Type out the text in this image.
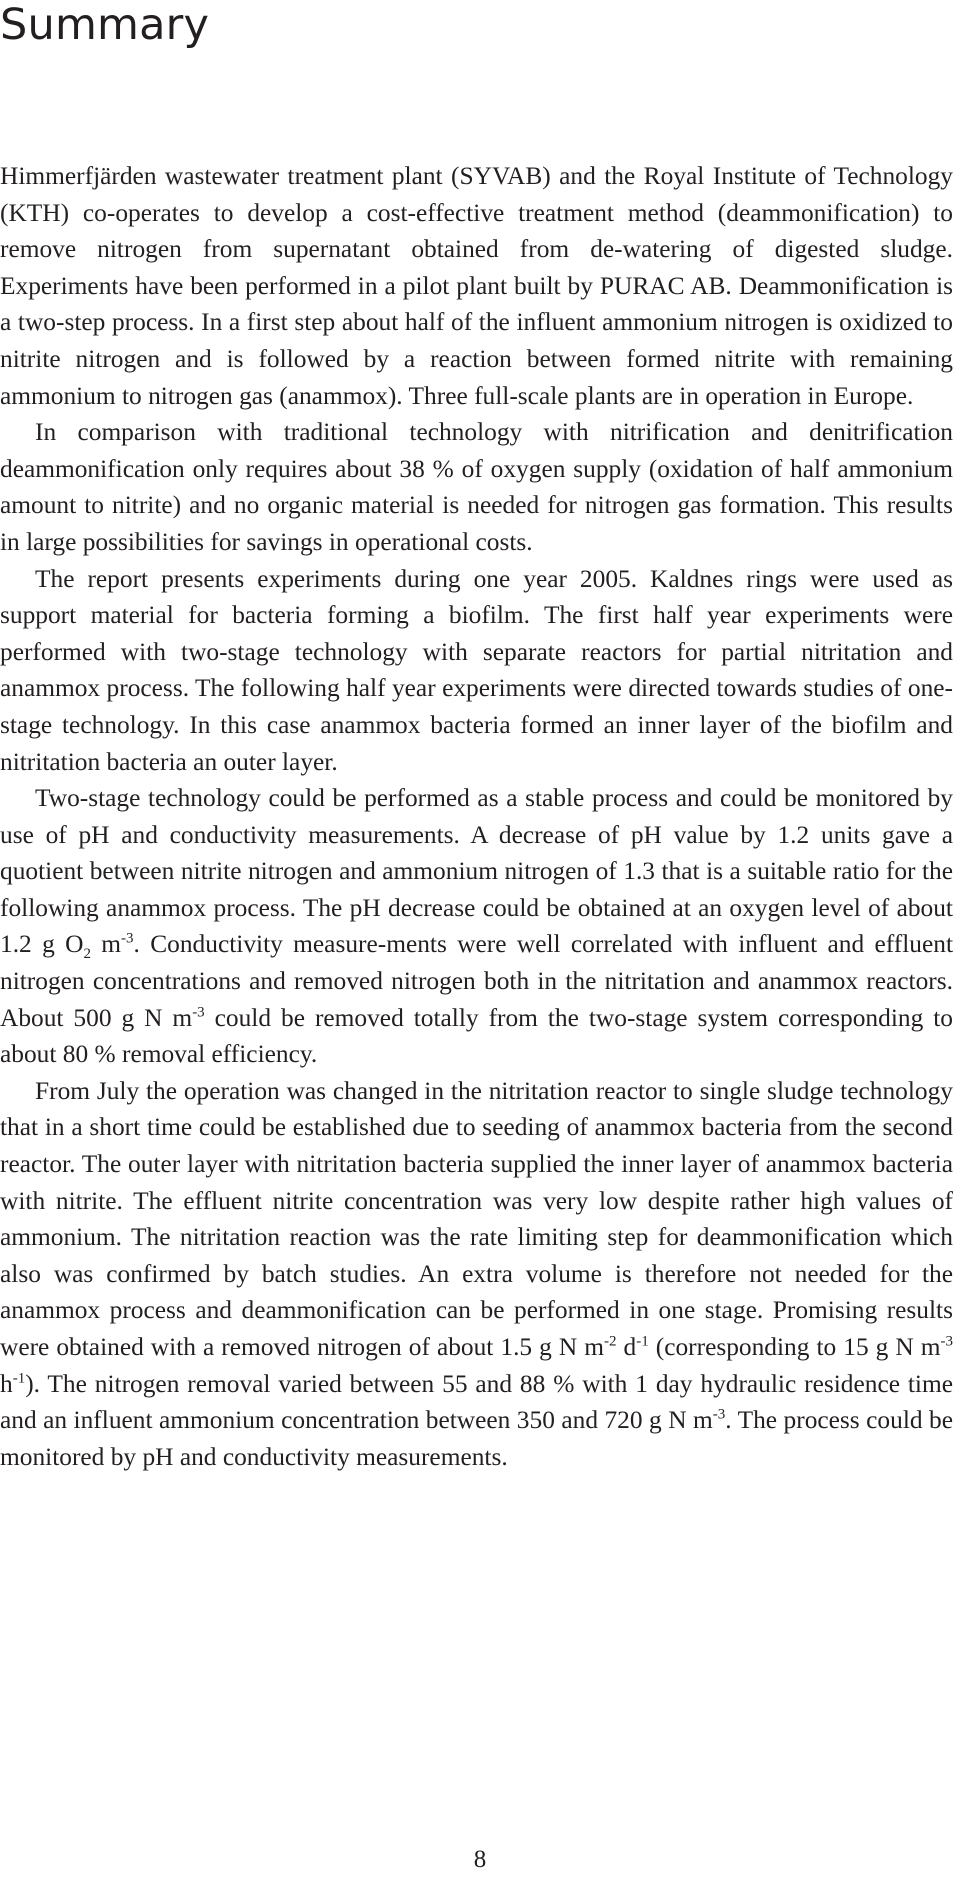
Summary

Himmerfjärden wastewater treatment plant (SYVAB) and the Royal Institute of Technology (KTH) co-operates to develop a cost-effective treatment method (deammonification) to remove nitrogen from supernatant obtained from de-watering of digested sludge. Experiments have been performed in a pilot plant built by PURAC AB. Deammonification is a two-step process. In a first step about half of the influent ammonium nitrogen is oxidized to nitrite nitrogen and is followed by a reaction between formed nitrite with remaining ammonium to nitrogen gas (anammox). Three full-scale plants are in operation in Europe.

In comparison with traditional technology with nitrification and denitrification deammonification only requires about 38 % of oxygen supply (oxidation of half ammonium amount to nitrite) and no organic material is needed for nitrogen gas formation. This results in large possibilities for savings in operational costs.

The report presents experiments during one year 2005. Kaldnes rings were used as support material for bacteria forming a biofilm. The first half year experiments were performed with two-stage technology with separate reactors for partial nitritation and anammox process. The following half year experiments were directed towards studies of one-stage technology. In this case anammox bacteria formed an inner layer of the biofilm and nitritation bacteria an outer layer.

Two-stage technology could be performed as a stable process and could be monitored by use of pH and conductivity measurements. A decrease of pH value by 1.2 units gave a quotient between nitrite nitrogen and ammonium nitrogen of 1.3 that is a suitable ratio for the following anammox process. The pH decrease could be obtained at an oxygen level of about 1.2 g $O_2$ $m^{-3}$. Conductivity measure-ments were well correlated with influent and effluent nitrogen concentrations and removed nitrogen both in the nitritation and anammox reactors. About 500 g N $m^{-3}$ could be removed totally from the two-stage system corresponding to about 80 % removal efficiency.

From July the operation was changed in the nitritation reactor to single sludge technology that in a short time could be established due to seeding of anammox bacteria from the second reactor. The outer layer with nitritation bacteria supplied the inner layer of anammox bacteria with nitrite. The effluent nitrite concentration was very low despite rather high values of ammonium. The nitritation reaction was the rate limiting step for deammonification which also was confirmed by batch studies. An extra volume is therefore not needed for the anammox process and deammonification can be performed in one stage. Promising results were obtained with a removed nitrogen of about 1.5 g N $m^{-2}$ $d^{-1}$ (corresponding to 15 g N $m^{-3}$ $h^{-1}$). The nitrogen removal varied between 55 and 88 % with 1 day hydraulic residence time and an influent ammonium concentration between 350 and 720 g N $m^{-3}$. The process could be monitored by pH and conductivity measurements.

8
